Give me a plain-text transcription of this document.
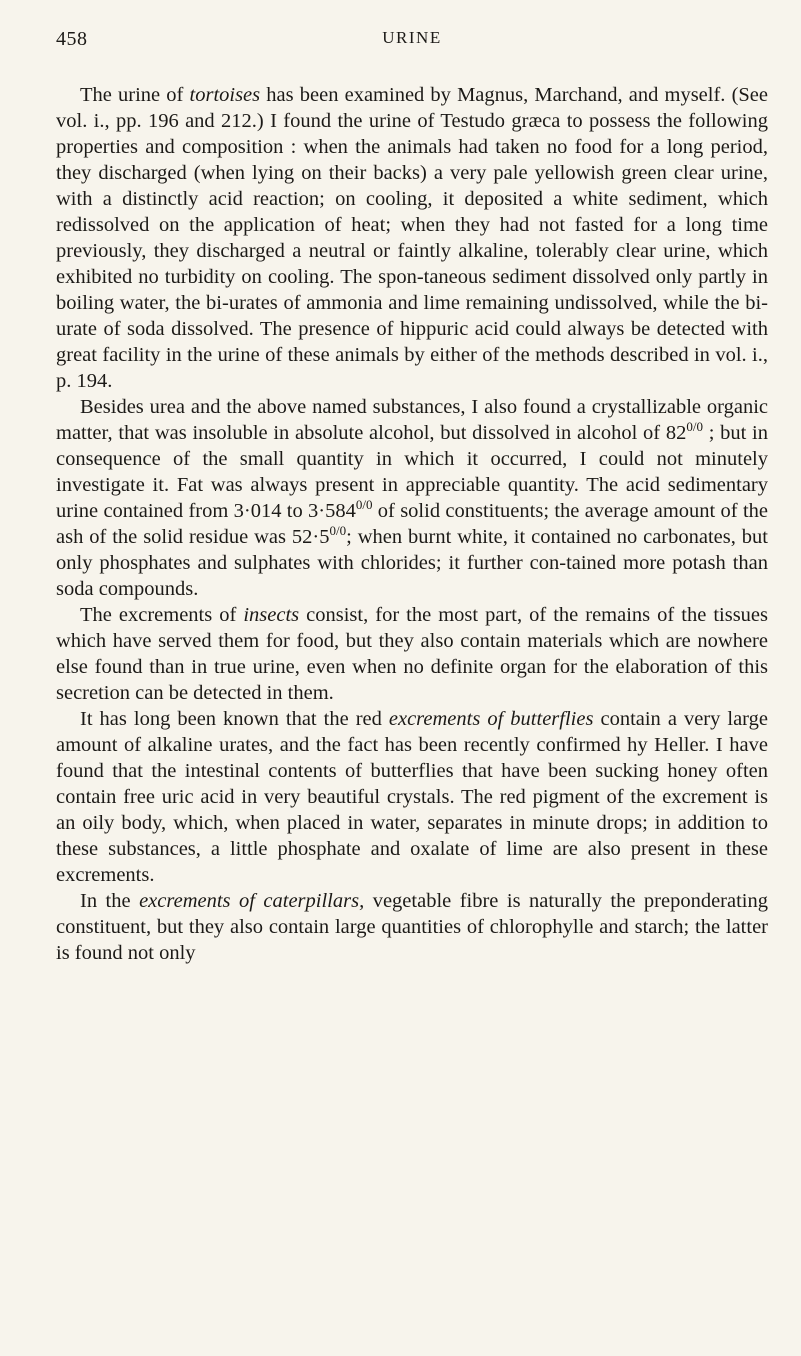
458	URINE

The urine of tortoises has been examined by Magnus, Marchand, and myself. (See vol. i., pp. 196 and 212.) I found the urine of Testudo græca to possess the following properties and composition : when the animals had taken no food for a long period, they discharged (when lying on their backs) a very pale yellowish green clear urine, with a distinctly acid reaction; on cooling, it deposited a white sediment, which redissolved on the application of heat; when they had not fasted for a long time previously, they discharged a neutral or faintly alkaline, tolerably clear urine, which exhibited no turbidity on cooling. The spon-taneous sediment dissolved only partly in boiling water, the bi-urates of ammonia and lime remaining undissolved, while the bi-urate of soda dissolved. The presence of hippuric acid could always be detected with great facility in the urine of these animals by either of the methods described in vol. i., p. 194.

Besides urea and the above named substances, I also found a crystallizable organic matter, that was insoluble in absolute alcohol, but dissolved in alcohol of $82^{0/0}$ ; but in consequence of the small quantity in which it occurred, I could not minutely investigate it. Fat was always present in appreciable quantity. The acid sedimentary urine contained from 3·014 to $3\cdot 584^{0/0}$ of solid constituents; the average amount of the ash of the solid residue was $52\cdot 5^{0/0}$; when burnt white, it contained no carbonates, but only phosphates and sulphates with chlorides; it further con-tained more potash than soda compounds.

The excrements of insects consist, for the most part, of the remains of the tissues which have served them for food, but they also contain materials which are nowhere else found than in true urine, even when no definite organ for the elaboration of this secretion can be detected in them.

It has long been known that the red excrements of butterflies contain a very large amount of alkaline urates, and the fact has been recently confirmed hy Heller. I have found that the intestinal contents of butterflies that have been sucking honey often contain free uric acid in very beautiful crystals. The red pigment of the excrement is an oily body, which, when placed in water, separates in minute drops; in addition to these substances, a little phosphate and oxalate of lime are also present in these excrements.

In the excrements of caterpillars, vegetable fibre is naturally the preponderating constituent, but they also contain large quantities of chlorophylle and starch; the latter is found not only
